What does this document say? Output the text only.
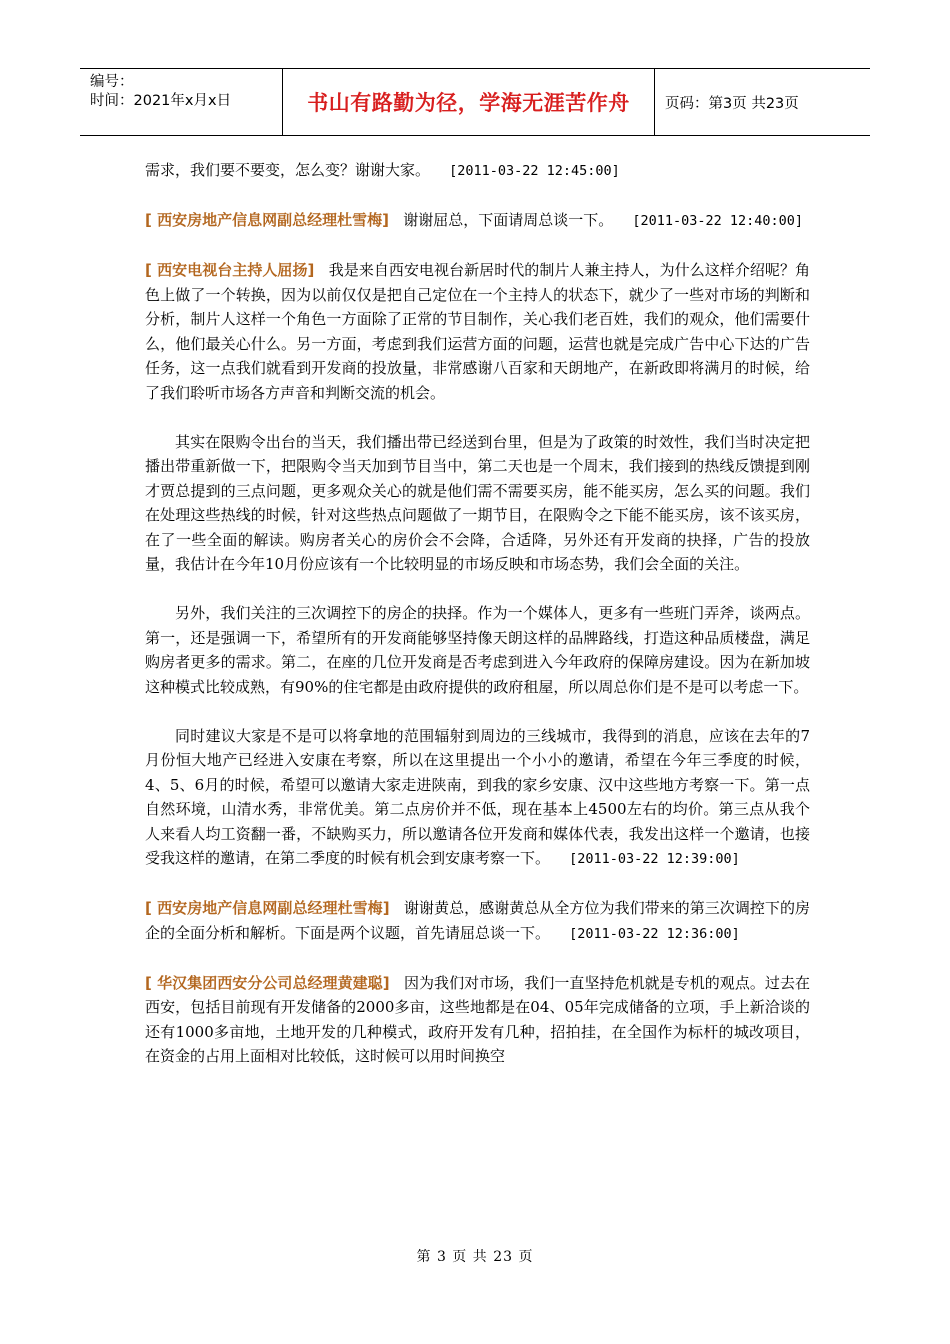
编号：
时间：2021年x月x日	书山有路勤为径，学海无涯苦作舟 页码：第3页 共23页

需求，我们要不要变，怎么变？谢谢大家。 [2011-03-22 12:45:00]

[ 西安房地产信息网副总经理杜雪梅] 谢谢屈总，下面请周总谈一下。 [2011-03-22 12:40:00]

[ 西安电视台主持人屈扬] 我是来自西安电视台新居时代的制片人兼主持人，为什么这样介绍呢？角色上做了一个转换，因为以前仅仅是把自己定位在一个主持人的状态下，就少了一些对市场的判断和分析，制片人这样一个角色一方面除了正常的节目制作，关心我们老百姓，我们的观众，他们需要什么，他们最关心什么。另一方面，考虑到我们运营方面的问题，运营也就是完成广告中心下达的广告任务，这一点我们就看到开发商的投放量，非常感谢八百家和天朗地产，在新政即将满月的时候，给了我们聆听市场各方声音和判断交流的机会。

其实在限购令出台的当天，我们播出带已经送到台里，但是为了政策的时效性，我们当时决定把播出带重新做一下，把限购令当天加到节目当中，第二天也是一个周末，我们接到的热线反馈提到刚才贾总提到的三点问题，更多观众关心的就是他们需不需要买房，能不能买房，怎么买的问题。我们在处理这些热线的时候，针对这些热点问题做了一期节目，在限购令之下能不能买房，该不该买房，在了一些全面的解读。购房者关心的房价会不会降，合适降，另外还有开发商的抉择，广告的投放量，我估计在今年10月份应该有一个比较明显的市场反映和市场态势，我们会全面的关注。

另外，我们关注的三次调控下的房企的抉择。作为一个媒体人，更多有一些班门弄斧，谈两点。第一，还是强调一下，希望所有的开发商能够坚持像天朗这样的品牌路线，打造这种品质楼盘，满足购房者更多的需求。第二，在座的几位开发商是否考虑到进入今年政府的保障房建设。因为在新加坡这种模式比较成熟，有90%的住宅都是由政府提供的政府租屋，所以周总你们是不是可以考虑一下。

同时建议大家是不是可以将拿地的范围辐射到周边的三线城市，我得到的消息，应该在去年的7月份恒大地产已经进入安康在考察，所以在这里提出一个小小的邀请，希望在今年三季度的时候，4、5、6月的时候，希望可以邀请大家走进陕南，到我的家乡安康、汉中这些地方考察一下。第一点自然环境，山清水秀，非常优美。第二点房价并不低，现在基本上4500左右的均价。第三点从我个人来看人均工资翻一番，不缺购买力，所以邀请各位开发商和媒体代表，我发出这样一个邀请，也接受我这样的邀请，在第二季度的时候有机会到安康考察一下。 [2011-03-22 12:39:00]

[ 西安房地产信息网副总经理杜雪梅] 谢谢黄总，感谢黄总从全方位为我们带来的第三次调控下的房企的全面分析和解析。下面是两个议题，首先请屈总谈一下。 [2011-03-22 12:36:00]

[ 华汉集团西安分公司总经理黄建聪] 因为我们对市场，我们一直坚持危机就是专机的观点。过去在西安，包括目前现有开发储备的2000多亩，这些地都是在04、05年完成储备的立项，手上新洽谈的还有1000多亩地，土地开发的几种模式，政府开发有几种，招拍挂，在全国作为标杆的城改项目，在资金的占用上面相对比较低，这时候可以用时间换空

第 3 页 共 23 页
